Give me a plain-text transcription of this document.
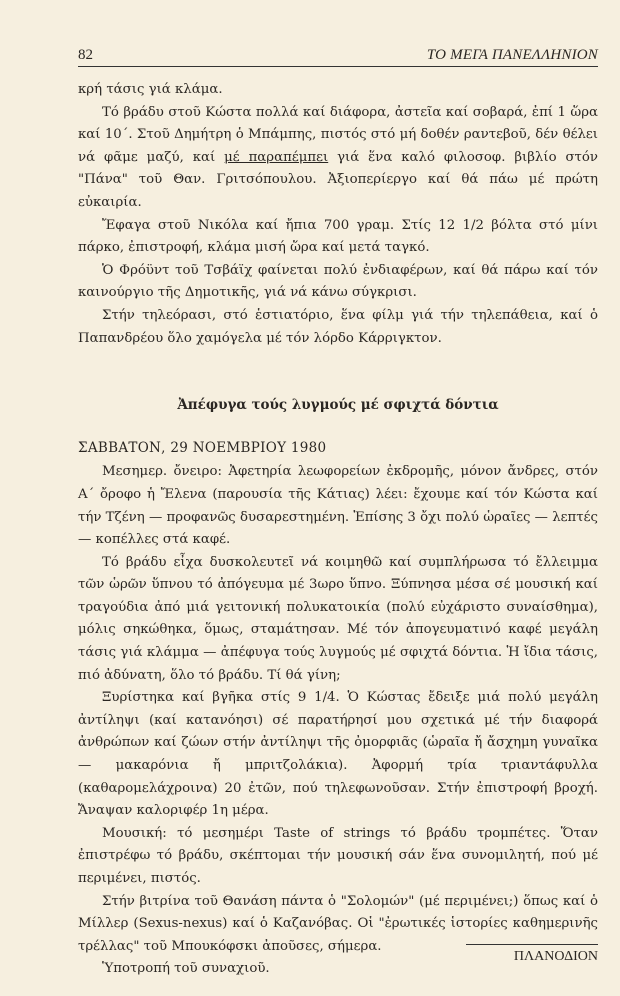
82	ΤΟ ΜΕΓΑ ΠΑΝΕΛΛΗΝΙΟΝ

κρή τάσις γιά κλάμα.

Τό βράδυ στοῦ Κώστα πολλά καί διάφορα, ἀστεῖα καί σοβαρά, ἐπί 1 ὥρα καί 10΄. Στοῦ Δημήτρη ὁ Μπάμπης, πιστός στό μή δοθέν ραντεβοῦ, δέν θέλει νά φᾶμε μαζύ, καί μέ παραπέμπει γιά ἕνα καλό φιλοσοφ. βιβλίο στόν "Πάνα" τοῦ Θαν. Γριτσόπουλου. Ἀξιοπερίεργο καί θά πάω μέ πρώτη εὐκαιρία.

Ἔφαγα στοῦ Νικόλα καί ἤπια 700 γραμ. Στίς 12 1/2 βόλτα στό μίνι πάρκο, ἐπιστροφή, κλάμα μισή ὥρα καί μετά ταγκό.

Ὁ Φρόϋντ τοῦ Τσβάϊχ φαίνεται πολύ ἐνδιαφέρων, καί θά πάρω καί τόν καινούργιο τῆς Δημοτικῆς, γιά νά κάνω σύγκρισι.

Στήν τηλεόρασι, στό ἑστιατόριο, ἕνα φίλμ γιά τήν τηλεπάθεια, καί ὁ Παπανδρέου ὅλο χαμόγελα μέ τόν λόρδο Κάρριγκτον.

Ἀπέφυγα τούς λυγμούς μέ σφιχτά δόντια
ΣΑΒΒΑΤΟΝ, 29 ΝΟΕΜΒΡΙΟΥ 1980

Μεσημερ. ὄνειρο: Ἀφετηρία λεωφορείων ἐκδρομῆς, μόνον ἄνδρες, στόν Α΄ ὄροφο ἡ Ἔλενα (παρουσία τῆς Κάτιας) λέει: ἔχουμε καί τόν Κώστα καί τήν Τζένη — προφανῶς δυσαρεστημένη. Ἐπίσης 3 ὄχι πολύ ὡραῖες — λεπτές — κοπέλλες στά καφέ.

Τό βράδυ εἶχα δυσκολευτεῖ νά κοιμηθῶ καί συμπλήρωσα τό ἔλλειμμα τῶν ὡρῶν ὕπνου τό ἀπόγευμα μέ 3ωρο ὕπνο. Ξύπνησα μέσα σέ μουσική καί τραγούδια ἀπό μιά γειτονική πολυκατοικία (πολύ εὐχάριστο συναίσθημα), μόλις σηκώθηκα, ὅμως, σταμάτησαν. Μέ τόν ἀπογευματινό καφέ μεγάλη τάσις γιά κλάμμα — ἀπέφυγα τούς λυγμούς μέ σφιχτά δόντια. Ἡ ἴδια τάσις, πιό ἀδύνατη, ὅλο τό βράδυ. Τί θά γίνη;

Ξυρίστηκα καί βγῆκα στίς 9 1/4. Ὁ Κώστας ἔδειξε μιά πολύ μεγάλη ἀντίληψι (καί κατανόησι) σέ παρατήρησί μου σχετικά μέ τήν διαφορά ἀνθρώπων καί ζώων στήν ἀντίληψι τῆς ὀμορφιᾶς (ὡραῖα ἤ ἄσχημη γυναῖκα — μακαρόνια ἤ μπριτζολάκια). Ἀφορμή τρία τριαντάφυλλα (καθαρομελάχροινα) 20 ἐτῶν, πού τηλεφωνοῦσαν. Στήν ἐπιστροφή βροχή. Ἄναψαν καλοριφέρ 1η μέρα.

Μουσική: τό μεσημέρι Taste of strings τό βράδυ τρομπέτες. Ὅταν ἐπιστρέφω τό βράδυ, σκέπτομαι τήν μουσική σάν ἕνα συνομιλητή, πού μέ περιμένει, πιστός.

Στήν βιτρίνα τοῦ Θανάση πάντα ὁ "Σολομών" (μέ περιμένει;) ὅπως καί ὁ Μίλλερ (Sexus-nexus) καί ὁ Καζανόβας. Οἱ "ἐρωτικές ἱστορίες καθημερινῆς τρέλλας" τοῦ Μπουκόφσκι ἀποῦσες, σήμερα.

Ὑποτροπή τοῦ συναχιοῦ.

ΠΛΑΝΟΔΙΟΝ
